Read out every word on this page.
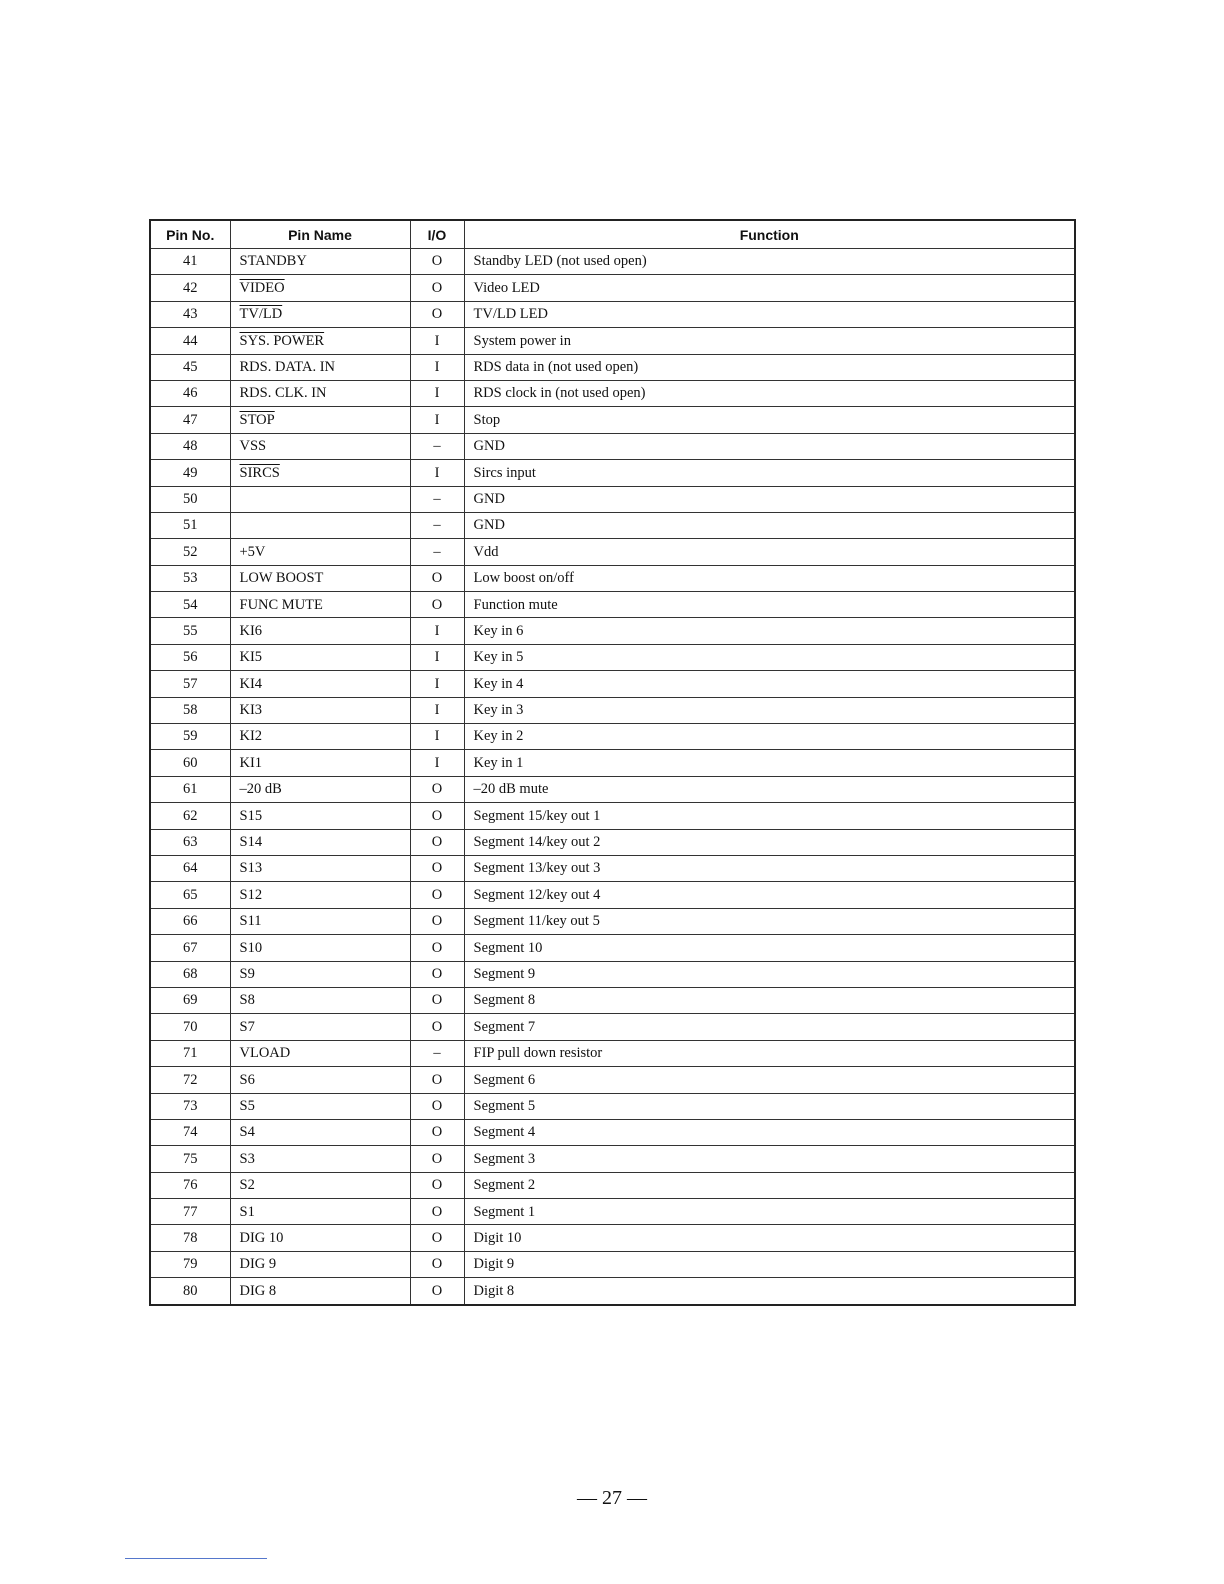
Pin No.	Pin Name	I/O	Function
41	STANDBY	O	Standby LED (not used open)
42	VIDEO	O	Video LED
43	TV/LD	O	TV/LD LED
44	SYS. POWER	I	System power in
45	RDS. DATA. IN	I	RDS data in (not used open)
46	RDS. CLK. IN	I	RDS clock in (not used open)
47	STOP	I	Stop
48	VSS	–	GND
49	SIRCS	I	Sircs input
50		–	GND
51		–	GND
52	+5V	–	Vdd
53	LOW BOOST	O	Low boost on/off
54	FUNC MUTE	O	Function mute
55	KI6	I	Key in 6
56	KI5	I	Key in 5
57	KI4	I	Key in 4
58	KI3	I	Key in 3
59	KI2	I	Key in 2
60	KI1	I	Key in 1
61	–20 dB	O	–20 dB mute
62	S15	O	Segment 15/key out 1
63	S14	O	Segment 14/key out 2
64	S13	O	Segment 13/key out 3
65	S12	O	Segment 12/key out 4
66	S11	O	Segment 11/key out 5
67	S10	O	Segment 10
68	S9	O	Segment 9
69	S8	O	Segment 8
70	S7	O	Segment 7
71	VLOAD	–	FIP pull down resistor
72	S6	O	Segment 6
73	S5	O	Segment 5
74	S4	O	Segment 4
75	S3	O	Segment 3
76	S2	O	Segment 2
77	S1	O	Segment 1
78	DIG 10	O	Digit 10
79	DIG 9	O	Digit 9
80	DIG 8	O	Digit 8
— 27 —
